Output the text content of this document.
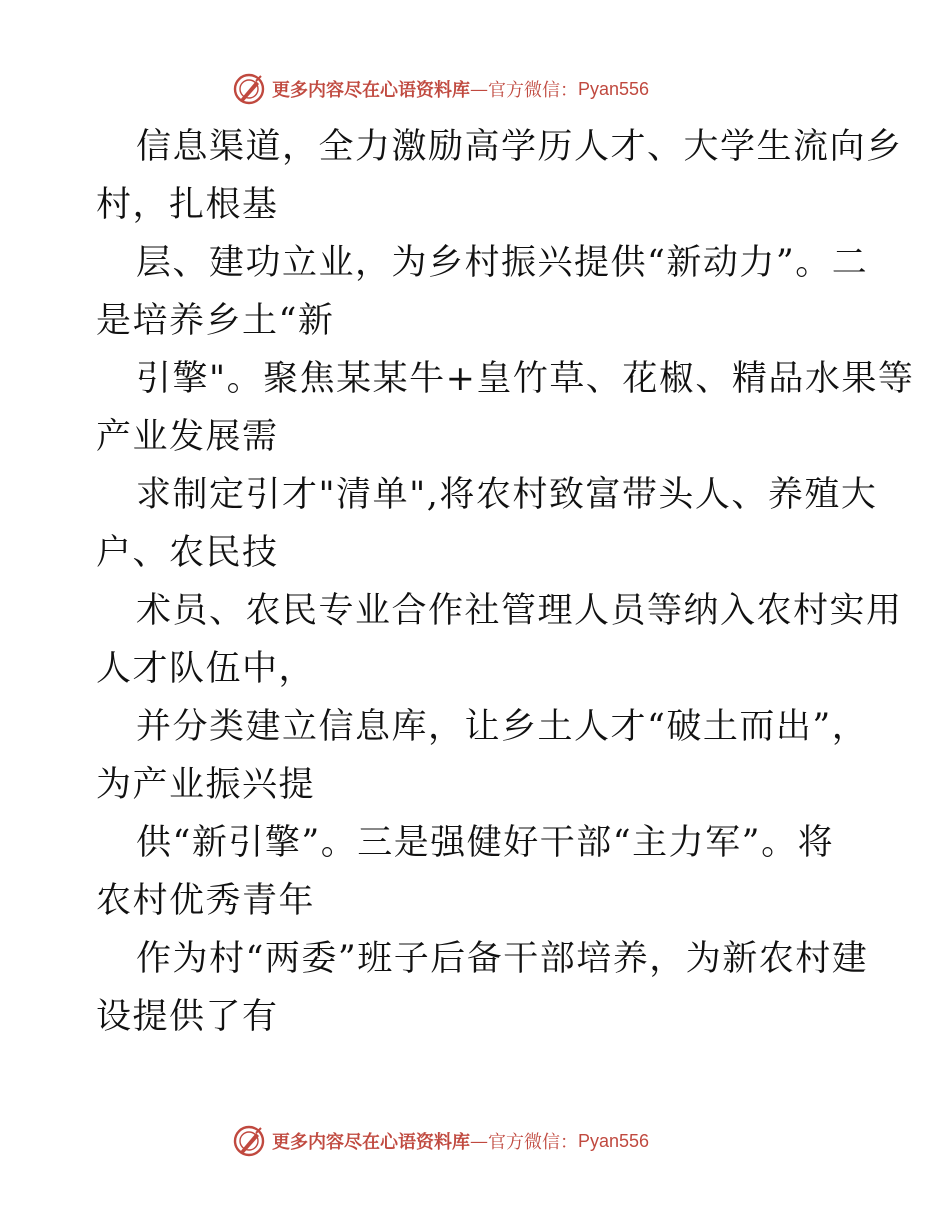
更多内容尽在心语资料库 — 官方微信： Pyan556
信息渠道，全力激励高学历人才、大学生流向乡
村，扎根基
层、建功立业，为乡村振兴提供“新动力”。二
是培养乡土“新
引擎"。聚焦某某牛+皇竹草、花椒、精品水果等
产业发展需
求制定引才"清单",将农村致富带头人、养殖大
户、农民技
术员、农民专业合作社管理人员等纳入农村实用
人才队伍中，
并分类建立信息库，让乡土人才“破土而出”，
为产业振兴提
供“新引擎”。三是强健好干部“主力军”。将
农村优秀青年
作为村“两委”班子后备干部培养，为新农村建
设提供了有
更多内容尽在心语资料库 — 官方微信： Pyan556
